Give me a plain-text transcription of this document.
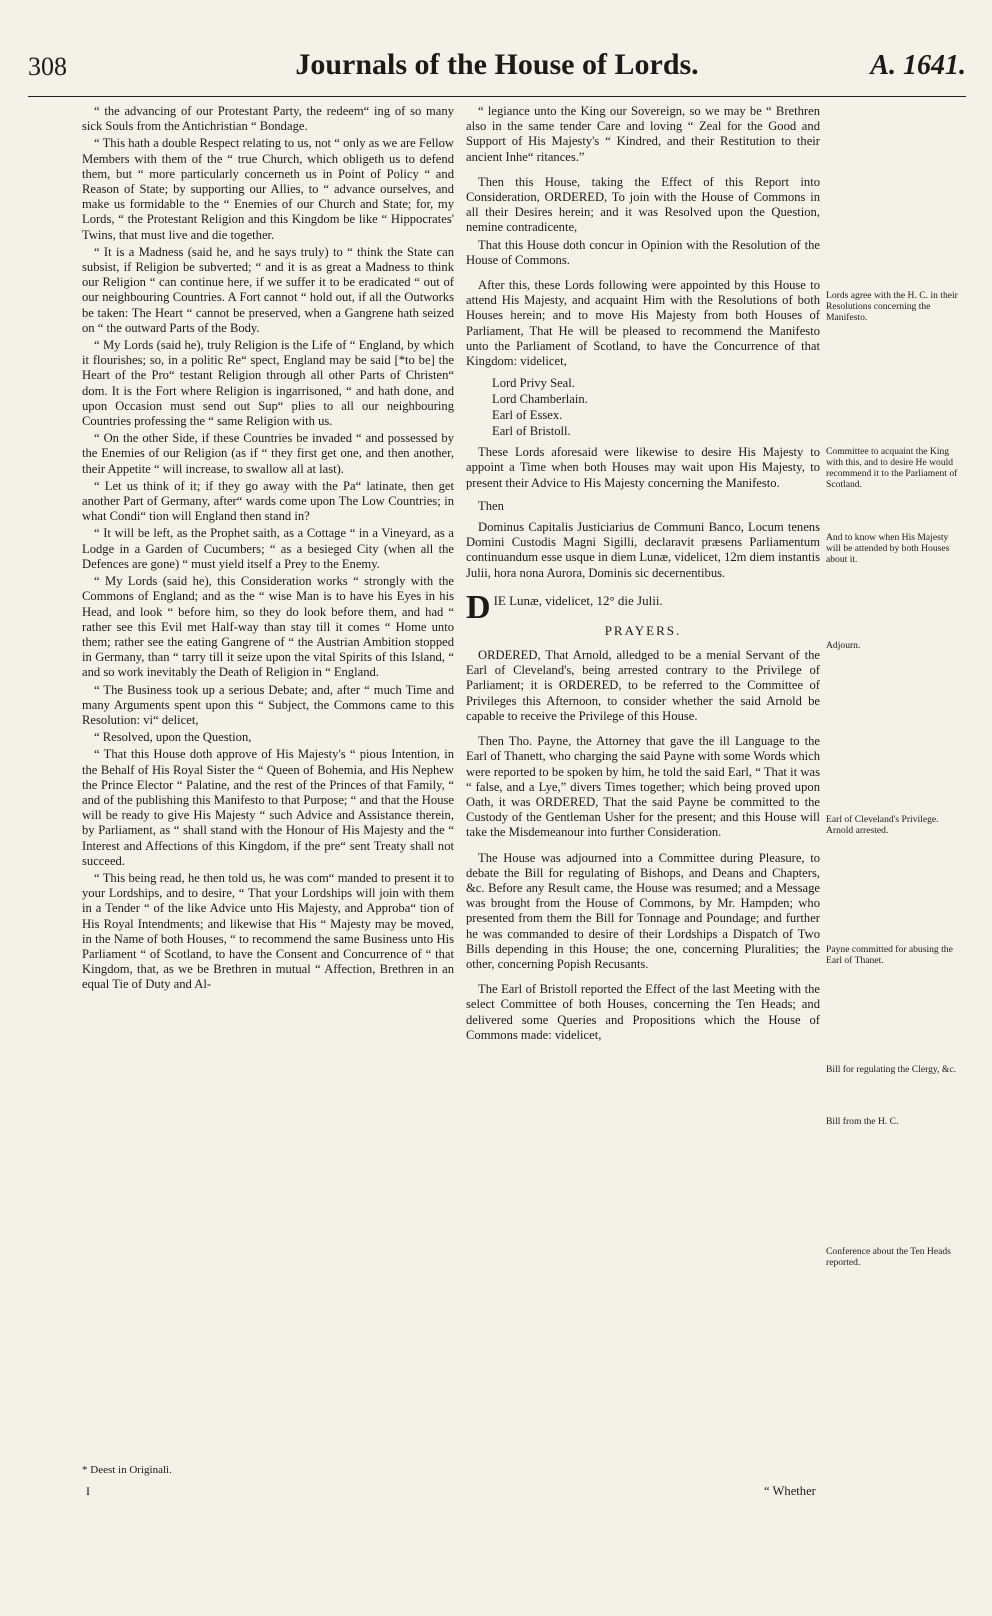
308	Journals of the House of Lords.	A. 1641.

“ the advancing of our Protestant Party, the redeem“ ing of so many sick Souls from the Antichristian “ Bondage.

“ This hath a double Respect relating to us, not “ only as we are Fellow Members with them of the “ true Church, which obligeth us to defend them, but “ more particularly concerneth us in Point of Policy “ and Reason of State; by supporting our Allies, to “ advance ourselves, and make us formidable to the “ Enemies of our Church and State; for, my Lords, “ the Protestant Religion and this Kingdom be like “ Hippocrates' Twins, that must live and die together.

“ It is a Madness (said he, and he says truly) to “ think the State can subsist, if Religion be subverted; “ and it is as great a Madness to think our Religion “ can continue here, if we suffer it to be eradicated “ out of our neighbouring Countries. A Fort cannot “ hold out, if all the Outworks be taken: The Heart “ cannot be preserved, when a Gangrene hath seized on “ the outward Parts of the Body.

“ My Lords (said he), truly Religion is the Life of “ England, by which it flourishes; so, in a politic Re“ spect, England may be said [*to be] the Heart of the Pro“ testant Religion through all other Parts of Christen“ dom. It is the Fort where Religion is ingarrisoned, “ and hath done, and upon Occasion must send out Sup“ plies to all our neighbouring Countries professing the “ same Religion with us.

“ On the other Side, if these Countries be invaded “ and possessed by the Enemies of our Religion (as if “ they first get one, and then another, their Appetite “ will increase, to swallow all at last).

“ Let us think of it; if they go away with the Pa“ latinate, then get another Part of Germany, after“ wards come upon The Low Countries; in what Condi“ tion will England then stand in?

“ It will be left, as the Prophet saith, as a Cottage “ in a Vineyard, as a Lodge in a Garden of Cucumbers; “ as a besieged City (when all the Defences are gone) “ must yield itself a Prey to the Enemy.

“ My Lords (said he), this Consideration works “ strongly with the Commons of England; and as the “ wise Man is to have his Eyes in his Head, and look “ before him, so they do look before them, and had “ rather see this Evil met Half-way than stay till it comes “ Home unto them; rather see the eating Gangrene of “ the Austrian Ambition stopped in Germany, than “ tarry till it seize upon the vital Spirits of this Island, “ and so work inevitably the Death of Religion in “ England.

“ The Business took up a serious Debate; and, after “ much Time and many Arguments spent upon this “ Subject, the Commons came to this Resolution: vi“ delicet,

“ Resolved, upon the Question,

“ That this House doth approve of His Majesty's “ pious Intention, in the Behalf of His Royal Sister the “ Queen of Bohemia, and His Nephew the Prince Elector “ Palatine, and the rest of the Princes of that Family, “ and of the publishing this Manifesto to that Purpose; “ and that the House will be ready to give His Majesty “ such Advice and Assistance therein, by Parliament, as “ shall stand with the Honour of His Majesty and the “ Interest and Affections of this Kingdom, if the pre“ sent Treaty shall not succeed.

“ This being read, he then told us, he was com“ manded to present it to your Lordships, and to desire, “ That your Lordships will join with them in a Tender “ of the like Advice unto His Majesty, and Approba“ tion of His Royal Intendments; and likewise that His “ Majesty may be moved, in the Name of both Houses, “ to recommend the same Business unto His Parliament “ of Scotland, to have the Consent and Concurrence of “ that Kingdom, that, as we be Brethren in mutual “ Affection, Brethren in an equal Tie of Duty and Al-

* Deest in Originali.
I

“ legiance unto the King our Sovereign, so we may be “ Brethren also in the same tender Care and loving “ Zeal for the Good and Support of His Majesty's “ Kindred, and their Restitution to their ancient Inhe“ ritances.”

Then this House, taking the Effect of this Report into Consideration, ORDERED, To join with the House of Commons in all their Desires herein; and it was Resolved upon the Question, nemine contradicente,

That this House doth concur in Opinion with the Resolution of the House of Commons.

After this, these Lords following were appointed by this House to attend His Majesty, and acquaint Him with the Resolutions of both Houses herein; and to move His Majesty from both Houses of Parliament, That He will be pleased to recommend the Manifesto unto the Parliament of Scotland, to have the Concurrence of that Kingdom: videlicet,

Lord Privy Seal.
Lord Chamberlain.
Earl of Essex.
Earl of Bristoll.

These Lords aforesaid were likewise to desire His Majesty to appoint a Time when both Houses may wait upon His Majesty, to present their Advice to His Majesty concerning the Manifesto.

Then

Dominus Capitalis Justiciarius de Communi Banco, Locum tenens Domini Custodis Magni Sigilli, declaravit præsens Parliamentum continuandum esse usque in diem Lunæ, videlicet, 12m diem instantis Julii, hora nona Aurora, Dominis sic decernentibus.

D IE Lunæ, videlicet, 12° die Julii.
PRAYERS.

ORDERED, That Arnold, alledged to be a menial Servant of the Earl of Cleveland's, being arrested contrary to the Privilege of Parliament; it is ORDERED, to be referred to the Committee of Privileges this Afternoon, to consider whether the said Arnold be capable to receive the Privilege of this House.

Then Tho. Payne, the Attorney that gave the ill Language to the Earl of Thanett, who charging the said Payne with some Words which were reported to be spoken by him, he told the said Earl, “ That it was “ false, and a Lye,” divers Times together; which being proved upon Oath, it was ORDERED, That the said Payne be committed to the Custody of the Gentleman Usher for the present; and this House will take the Misdemeanour into further Consideration.

The House was adjourned into a Committee during Pleasure, to debate the Bill for regulating of Bishops, and Deans and Chapters, &c. Before any Result came, the House was resumed; and a Message was brought from the House of Commons, by Mr. Hampden; who presented from them the Bill for Tonnage and Poundage; and further he was commanded to desire of their Lordships a Dispatch of Two Bills depending in this House; the one, concerning Pluralities; the other, concerning Popish Recusants.

The Earl of Bristoll reported the Effect of the last Meeting with the select Committee of both Houses, concerning the Ten Heads; and delivered some Queries and Propositions which the House of Commons made: videlicet,

“ Whether
Lords agree with the H. C. in their Resolutions concerning the Manifesto.
Committee to acquaint the King with this, and to desire He would recommend it to the Parliament of Scotland.
And to know when His Majesty will be attended by both Houses about it.
Adjourn.
Earl of Cleveland's Privilege. Arnold arrested.
Payne committed for abusing the Earl of Thanet.
Bill for regulating the Clergy, &c.
Bill from the H. C.
Conference about the Ten Heads reported.
